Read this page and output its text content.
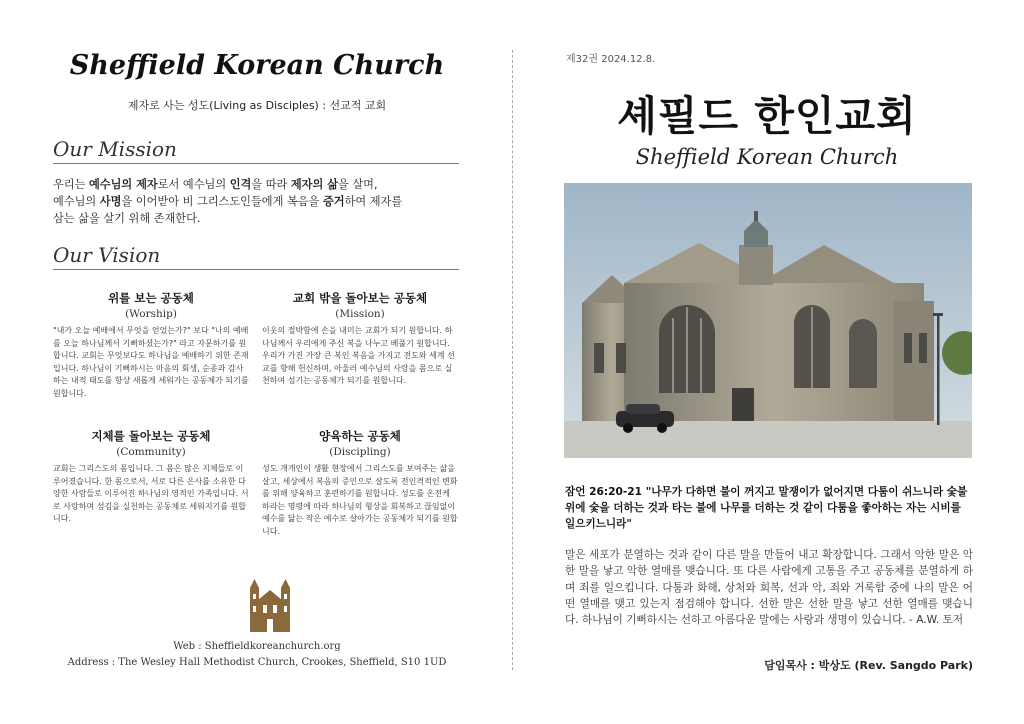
Sheffield Korean Church
제자로 사는 성도(Living as Disciples) : 선교적 교회
Our Mission
우리는 예수님의 제자로서 예수님의 인격을 따라 제자의 삶을 살며,
예수님의 사명을 이어받아 비 그리스도인들에게 복음을 증거하여 제자를
삼는 삶을 살기 위해 존재한다.
Our Vision
위를 보는 공동체
(Worship)
"내가 오늘 예배에서 무엇을 얻었는가?" 보다 "나의 예배를 오늘 하나님께서 기뻐하셨는가?" 라고 자문하기를 원합니다. 교회는 무엇보다도 하나님을 예배하기 위한 존재입니다. 하나님이 기뻐하시는 마음의 회생, 순종과 감사하는 내적 태도를 항상 새롭게 세워가는 공동체가 되기를 원합니다.
교회 밖을 돌아보는 공동체
(Mission)
이웃의 절박함에 손을 내미는 교회가 되기 원합니다. 하나님께서 우리에게 주신 복을 나누고 베풀기 원합니다. 우리가 가진 가장 큰 복인 복음을 가지고 전도와 세계 선교를 향해 헌신하며, 아울러 예수님의 사랑을 몸으로 실천하여 섬기는 공동체가 되기를 원합니다.
지체를 돌아보는 공동체
(Community)
교회는 그리스도의 몸입니다. 그 몸은 많은 지체들로 이루어졌습니다. 한 몸으로서, 서로 다른 은사를 소유한 다양한 사람들로 이루어진 하나님의 영적인 가족입니다. 서로 사랑하며 섬김을 실천하는 공동체로 세워지기를 원합니다.
양육하는 공동체
(Discipling)
성도 개개인이 생활 현장에서 그리스도를 보여주는 삶을 살고, 세상에서 복음의 증인으로 살도록 전인격적인 변화를 위해 양육하고 훈련하기를 원합니다. 성도를 온전케 하라는 명령에 따라 하나님의 형상을 회복하고 끊임없이 예수를 닮는 작은 예수로 살아가는 공동체가 되기를 원합니다.
Web : Sheffieldkoreanchurch.org
Address : The Wesley Hall Methodist Church, Crookes, Sheffield, S10 1UD
제32권 2024.12.8.
셰필드 한인교회
Sheffield Korean Church
잠언 26:20-21 "나무가 다하면 불이 꺼지고 말쟁이가 없어지면 다툼이 쉬느니라 숯불 위에 숯을 더하는 것과 타는 불에 나무를 더하는 것 같이 다툼을 좋아하는 자는 시비를 일으키느니라"
말은 세포가 분열하는 것과 같이 다른 말을 만들어 내고 확장합니다. 그래서 악한 말은 악한 말을 낳고 악한 열매를 맺습니다. 또 다른 사람에게 고통을 주고 공동체를 분열하게 하며 죄를 일으킵니다. 다툼과 화해, 상처와 회복, 선과 악, 죄와 거룩함 중에 나의 말은 어떤 열매를 맺고 있는지 점검해야 합니다. 선한 말은 선한 말을 낳고 선한 열매를 맺습니다. 하나님이 기뻐하시는 선하고 아름다운 말에는 사랑과 생명이 있습니다. - A.W. 토저
담임목사 : 박상도 (Rev. Sangdo Park)
